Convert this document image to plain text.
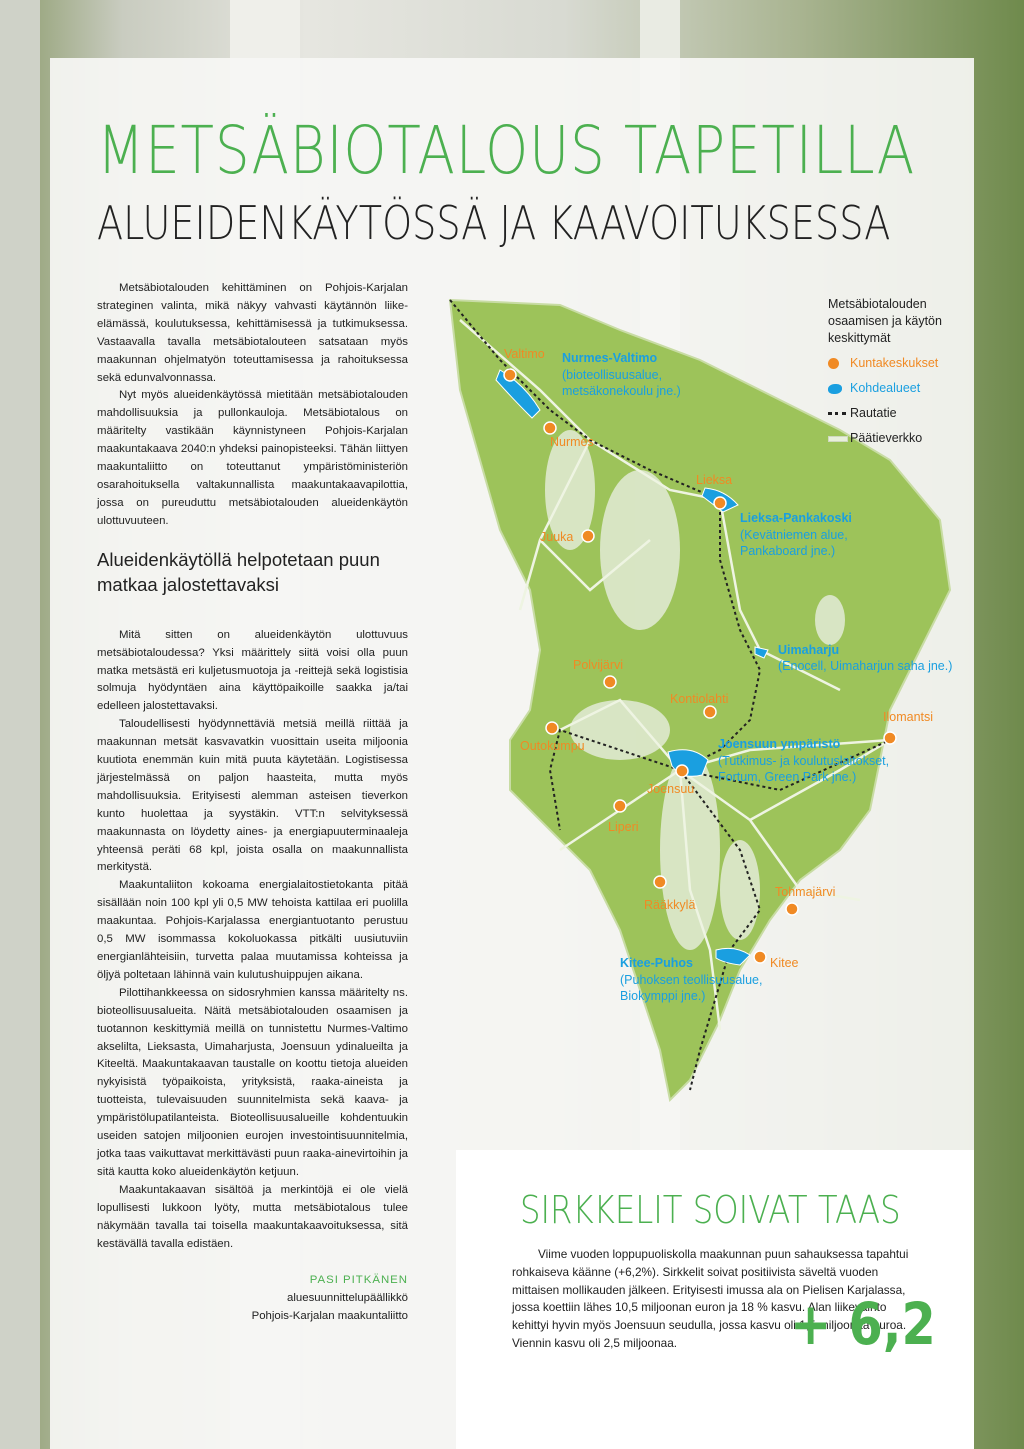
METSÄBIOTALOUS TAPETILLA
ALUEIDENKÄYTÖSSÄ JA KAAVOITUKSESSA

Metsäbiotalouden kehittäminen on Pohjois-Karjalan strateginen valinta, mikä näkyy vahvasti käytännön liike-elämässä, koulutuksessa, kehittämisessä ja tutkimuksessa. Vastaavalla tavalla metsäbiotalouteen satsataan myös maakunnan ohjelmatyön toteuttamisessa ja rahoituksessa sekä edunvalvonnassa.

Nyt myös alueidenkäytössä mietitään metsäbiotalouden mahdollisuuksia ja pullonkauloja. Metsäbiotalous on määritelty vastikään käynnistyneen Pohjois-Karjalan maakuntakaava 2040:n yhdeksi painopisteeksi. Tähän liittyen maakuntaliitto on toteuttanut ympäristöministeriön osarahoituksella valtakunnallista maakuntakaavapilottia, jossa on pureuduttu metsäbiotalouden alueidenkäytön ulottuvuuteen.

Alueidenkäytöllä helpotetaan puun matkaa jalostettavaksi

Mitä sitten on alueidenkäytön ulottuvuus metsäbiotaloudessa? Yksi määrittely siitä voisi olla puun matka metsästä eri kuljetusmuotoja ja -reittejä sekä logistisia solmuja hyödyntäen aina käyttöpaikoille saakka ja/tai edelleen jalostettavaksi.

Taloudellisesti hyödynnettäviä metsiä meillä riittää ja maakunnan metsät kasvavatkin vuosittain useita miljoonia kuutiota enemmän kuin mitä puuta käytetään. Logistisessa järjestelmässä on paljon haasteita, mutta myös mahdollisuuksia. Erityisesti alemman asteisen tieverkon kunto huolettaa ja syystäkin. VTT:n selvityksessä maakunnasta on löydetty aines- ja energiapuuterminaaleja yhteensä peräti 68 kpl, joista osalla on maakunnallista merkitystä.

Maakuntaliiton kokoama energialaitostietokanta pitää sisällään noin 100 kpl yli 0,5 MW tehoista kattilaa eri puolilla maakuntaa. Pohjois-Karjalassa energiantuotanto perustuu 0,5 MW isommassa kokoluokassa pitkälti uusiutuviin energianlähteisiin, turvetta palaa muutamissa kohteissa ja öljyä poltetaan lähinnä vain kulutushuippujen aikana.

Pilottihankkeessa on sidosryhmien kanssa määritelty ns. bioteollisuusalueita. Näitä metsäbiotalouden osaamisen ja tuotannon keskittymiä meillä on tunnistettu Nurmes-Valtimo akselilta, Lieksasta, Uimaharjusta, Joensuun ydinalueilta ja Kiteeltä. Maakuntakaavan taustalle on koottu tietoja alueiden nykyisistä työpaikoista, yrityksistä, raaka-aineista ja tuotteista, tulevaisuuden suunnitelmista sekä kaava- ja ympäristölupatilanteista. Bioteollisuusalueille kohdentuukin useiden satojen miljoonien eurojen investointisuunnitelmia, jotka taas vaikuttavat merkittävästi puun raaka-ainevirtoihin ja sitä kautta koko alueidenkäytön ketjuun.

Maakuntakaavan sisältöä ja merkintöjä ei ole vielä lopullisesti lukkoon lyöty, mutta metsäbiotalous tulee näkymään tavalla tai toisella maakuntakaavoituksessa, sitä kestävällä tavalla edistäen.

PASI PITKÄNEN
aluesuunnittelupäällikkö
Pohjois-Karjalan maakuntaliitto
Valtimo
Nurmes
Lieksa
Juuka
Polvijärvi
Kontiolahti
Ilomantsi
Outokumpu
Joensuu
Liperi
Tohmajärvi
Rääkkylä
Kitee
Nurmes-Valtimo
(bioteollisuusalue, metsäkonekoulu jne.)
Lieksa-Pankakoski
(Kevätniemen alue, Pankaboard jne.)
Uimaharju
(Enocell, Uimaharjun saha jne.)
Joensuun ympäristö
(Tutkimus- ja koulutuslaitokset, Fortum, Green Park jne.)
Kitee-Puhos
(Puhoksen teollisuusalue, Biokymppi jne.)
Metsäbiotalouden osaamisen ja käytön keskittymät
Kuntakeskukset
Kohdealueet
Rautatie
Päätieverkko
SIRKKELIT SOIVAT TAAS

Viime vuoden loppupuoliskolla maakunnan puun sahauksessa tapahtui rohkaiseva käänne (+6,2%). Sirkkelit soivat positiivista säveltä vuoden mittaisen mollikauden jälkeen. Erityisesti imussa ala on Pielisen Karjalassa, jossa koettiin lähes 10,5 miljoonan euron ja 18 % kasvu. Alan liikevaihto kehittyi hyvin myös Joensuun seudulla, jossa kasvu oli 1,5 miljoonaa euroa. Viennin kasvu oli 2,5 miljoonaa.	+ 6,2
